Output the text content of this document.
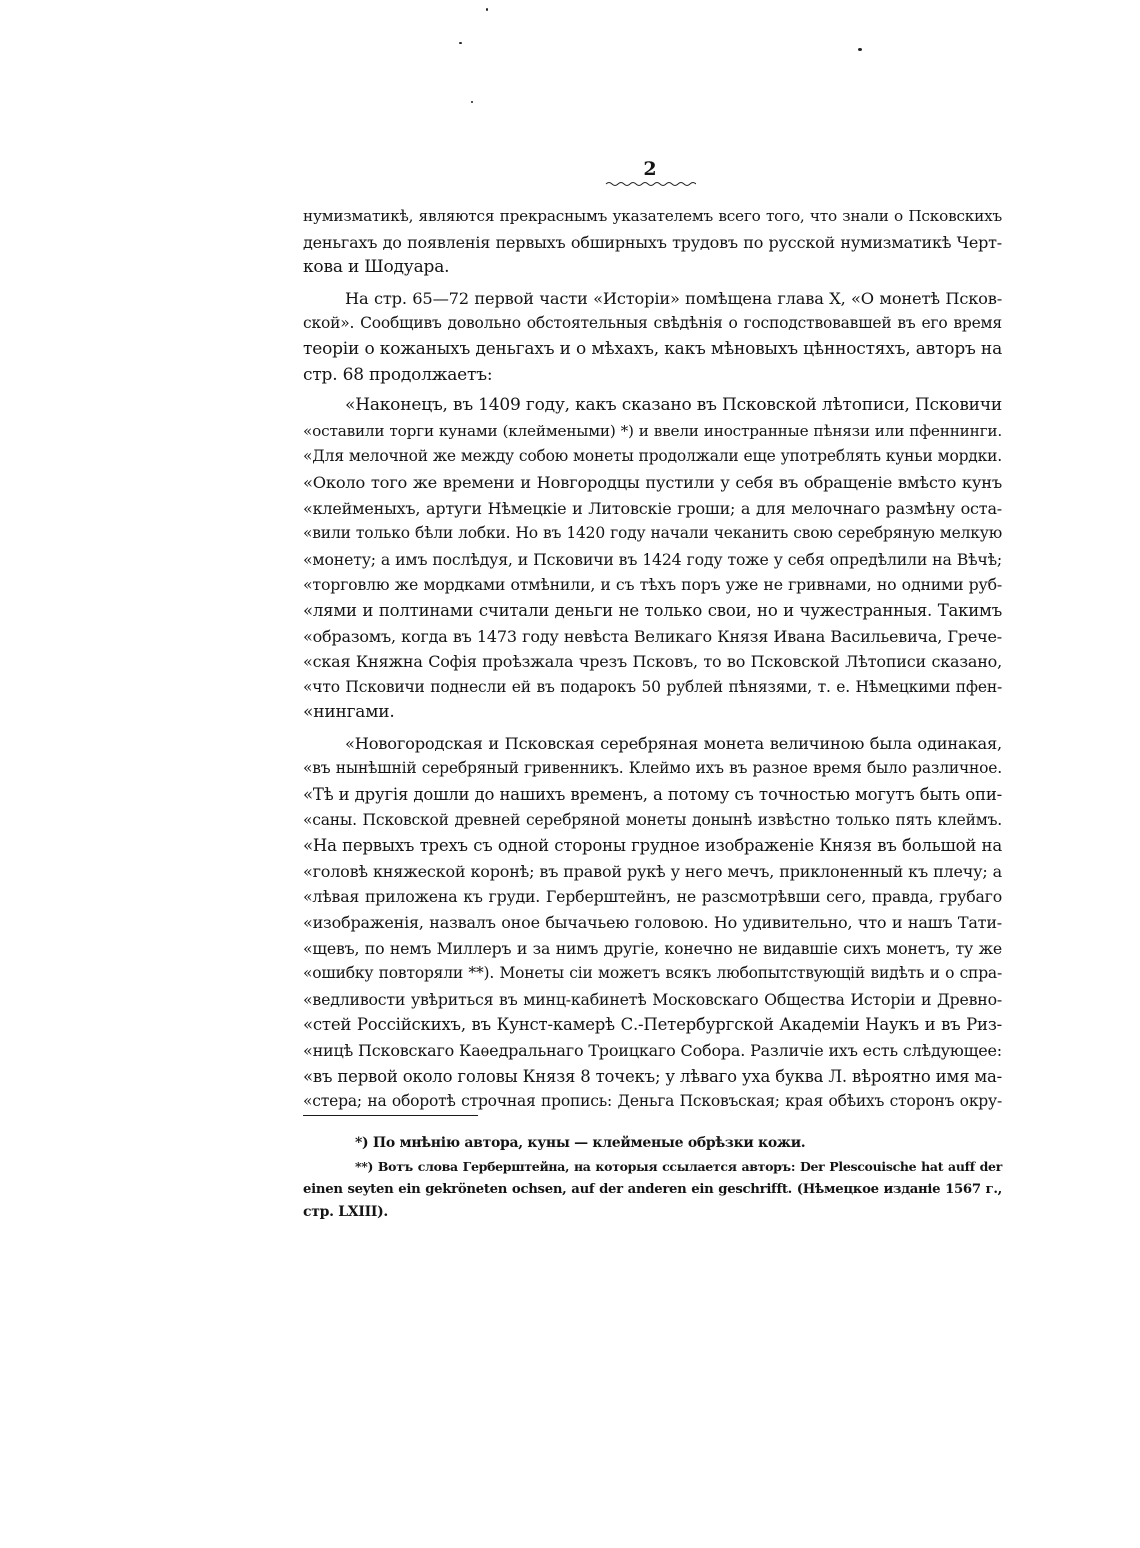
2
нумизматикѣ, являются прекраснымъ указателемъ всего того, что знали о Псковскихъ
деньгахъ до появленія первыхъ обширныхъ трудовъ по русской нумизматикѣ Черт-
кова и Шодуара.
На стр. 65—72 первой части «Исторіи» помѣщена глава X, «О монетѣ Псков-
ской». Сообщивъ довольно обстоятельныя свѣдѣнія о господствовавшей въ его время
теоріи о кожаныхъ деньгахъ и о мѣхахъ, какъ мѣновыхъ цѣнностяхъ, авторъ на
стр. 68 продолжаетъ:
«Наконецъ, въ 1409 году, какъ сказано въ Псковской лѣтописи, Псковичи
«оставили торги кунами (клеймеными) *) и ввели иностранные пѣнязи или пфеннинги.
«Для мелочной же между собою монеты продолжали еще употреблять куньи мордки.
«Около того же времени и Новгородцы пустили у себя въ обращеніе вмѣсто кунъ
«клейменыхъ, артуги Нѣмецкіе и Литовскіе гроши; а для мелочнаго размѣну оста-
«вили только бѣли лобки. Но въ 1420 году начали чеканить свою серебряную мелкую
«монету; а имъ послѣдуя, и Псковичи въ 1424 году тоже у себя опредѣлили на Вѣчѣ;
«торговлю же мордками отмѣнили, и съ тѣхъ поръ уже не гривнами, но одними руб-
«лями и полтинами считали деньги не только свои, но и чужестранныя. Такимъ
«образомъ, когда въ 1473 году невѣста Великаго Князя Ивана Васильевича, Грече-
«ская Княжна Софія проѣзжала чрезъ Псковъ, то во Псковской Лѣтописи сказано,
«что Псковичи поднесли ей въ подарокъ 50 рублей пѣнязями, т. е. Нѣмецкими пфен-
«нингами.
«Новогородская и Псковская серебряная монета величиною была одинакая,
«въ нынѣшній серебряный гривенникъ. Клеймо ихъ въ разное время было различное.
«Тѣ и другія дошли до нашихъ временъ, а потому съ точностью могутъ быть опи-
«саны. Псковской древней серебряной монеты донынѣ извѣстно только пять клеймъ.
«На первыхъ трехъ съ одной стороны грудное изображеніе Князя въ большой на
«головѣ княжеской коронѣ; въ правой рукѣ у него мечъ, приклоненный къ плечу; а
«лѣвая приложена къ груди. Герберштейнъ, не разсмотрѣвши сего, правда, грубаго
«изображенія, назвалъ оное бычачьею головою. Но удивительно, что и нашъ Тати-
«щевъ, по немъ Миллеръ и за нимъ другіе, конечно не видавшіе сихъ монетъ, ту же
«ошибку повторяли **). Монеты сіи можетъ всякъ любопытствующій видѣть и о спра-
«ведливости увѣриться въ минц-кабинетѣ Московскаго Общества Исторіи и Древно-
«стей Россійскихъ, въ Кунст-камерѣ С.-Петербургской Академіи Наукъ и въ Риз-
«ницѣ Псковскаго Каѳедральнаго Троицкаго Собора. Различіе ихъ есть слѣдующее:
«въ первой около головы Князя 8 точекъ; у лѣваго уха буква Л. вѣроятно имя ма-
«стера; на оборотѣ строчная пропись: Деньга Псковъская; края обѣихъ сторонъ окру-
*) По мнѣнію автора, куны — клейменые обрѣзки кожи.
**) Вотъ слова Герберштейна, на которыя ссылается авторъ: Der Plescouische hat auff der
einen seyten ein gekröneten ochsen, auf der anderen ein geschrifft. (Нѣмецкое изданіе 1567 г.,
стр. LXIII).
